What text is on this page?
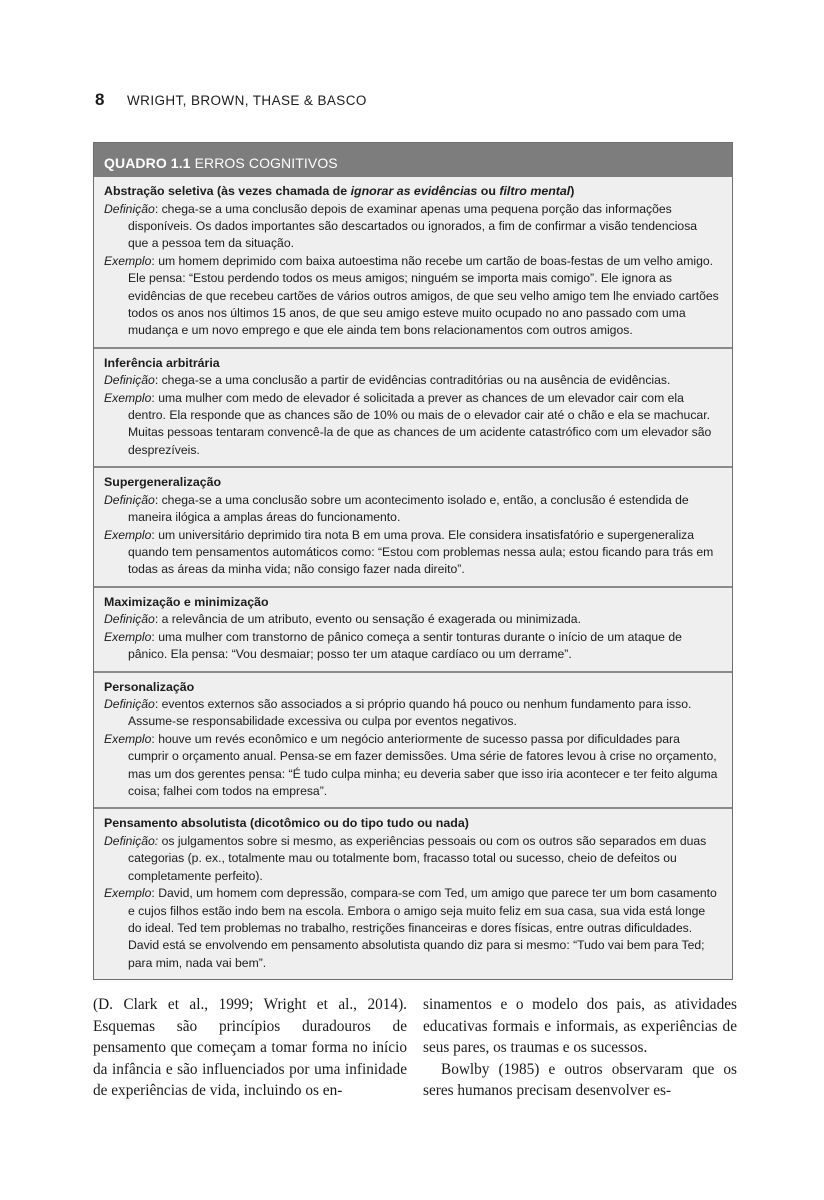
8 WRIGHT, BROWN, THASE & BASCO
QUADRO 1.1 ERROS COGNITIVOS
Abstração seletiva (às vezes chamada de ignorar as evidências ou filtro mental)
Definição: chega-se a uma conclusão depois de examinar apenas uma pequena porção das informações disponíveis. Os dados importantes são descartados ou ignorados, a fim de confirmar a visão tendenciosa que a pessoa tem da situação.
Exemplo: um homem deprimido com baixa autoestima não recebe um cartão de boas-festas de um velho amigo. Ele pensa: “Estou perdendo todos os meus amigos; ninguém se importa mais comigo”. Ele ignora as evidências de que recebeu cartões de vários outros amigos, de que seu velho amigo tem lhe enviado cartões todos os anos nos últimos 15 anos, de que seu amigo esteve muito ocupado no ano passado com uma mudança e um novo emprego e que ele ainda tem bons relacionamentos com outros amigos.
Inferência arbitrária
Definição: chega-se a uma conclusão a partir de evidências contraditórias ou na ausência de evidências.
Exemplo: uma mulher com medo de elevador é solicitada a prever as chances de um elevador cair com ela dentro. Ela responde que as chances são de 10% ou mais de o elevador cair até o chão e ela se machucar. Muitas pessoas tentaram convencê-la de que as chances de um acidente catastrófico com um elevador são desprezíveis.
Supergeneralização
Definição: chega-se a uma conclusão sobre um acontecimento isolado e, então, a conclusão é estendida de maneira ilógica a amplas áreas do funcionamento.
Exemplo: um universitário deprimido tira nota B em uma prova. Ele considera insatisfatório e supergeneraliza quando tem pensamentos automáticos como: “Estou com problemas nessa aula; estou ficando para trás em todas as áreas da minha vida; não consigo fazer nada direito”.
Maximização e minimização
Definição: a relevância de um atributo, evento ou sensação é exagerada ou minimizada.
Exemplo: uma mulher com transtorno de pânico começa a sentir tonturas durante o início de um ataque de pânico. Ela pensa: “Vou desmaiar; posso ter um ataque cardíaco ou um derrame”.
Personalização
Definição: eventos externos são associados a si próprio quando há pouco ou nenhum fundamento para isso. Assume-se responsabilidade excessiva ou culpa por eventos negativos.
Exemplo: houve um revés econômico e um negócio anteriormente de sucesso passa por dificuldades para cumprir o orçamento anual. Pensa-se em fazer demissões. Uma série de fatores levou à crise no orçamento, mas um dos gerentes pensa: “É tudo culpa minha; eu deveria saber que isso iria acontecer e ter feito alguma coisa; falhei com todos na empresa”.
Pensamento absolutista (dicotômico ou do tipo tudo ou nada)
Definição: os julgamentos sobre si mesmo, as experiências pessoais ou com os outros são separados em duas categorias (p. ex., totalmente mau ou totalmente bom, fracasso total ou sucesso, cheio de defeitos ou completamente perfeito).
Exemplo: David, um homem com depressão, compara-se com Ted, um amigo que parece ter um bom casamento e cujos filhos estão indo bem na escola. Embora o amigo seja muito feliz em sua casa, sua vida está longe do ideal. Ted tem problemas no trabalho, restrições financeiras e dores físicas, entre outras dificuldades. David está se envolvendo em pensamento absolutista quando diz para si mesmo: “Tudo vai bem para Ted; para mim, nada vai bem”.

(D. Clark et al., 1999; Wright et al., 2014). Esquemas são princípios duradouros de pensamento que começam a tomar forma no início da infância e são influenciados por uma infinidade de experiências de vida, incluindo os en-

sinamentos e o modelo dos pais, as atividades educativas formais e informais, as experiências de seus pares, os traumas e os sucessos.

Bowlby (1985) e outros observaram que os seres humanos precisam desenvolver es-
